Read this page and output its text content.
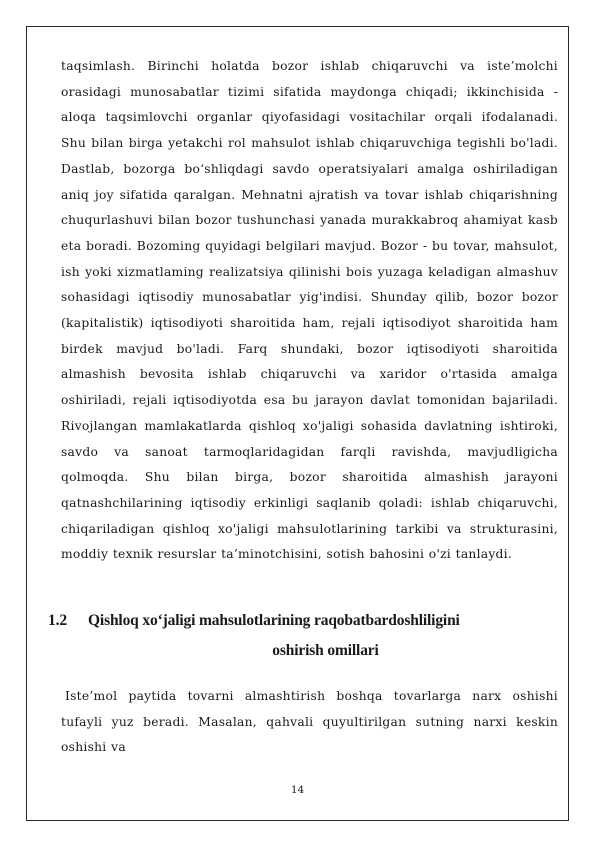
taqsimlash. Birinchi holatda bozor ishlab chiqaruvchi va iste’molchi orasidagi munosabatlar tizimi sifatida maydonga chiqadi; ikkinchisida - aloqa taqsimlovchi organlar qiyofasidagi vositachilar orqali ifodalanadi. Shu bilan birga yetakchi rol mahsulot ishlab chiqaruvchiga tegishli bo'ladi. Dastlab, bozorga bo‘shliqdagi savdo operatsiyalari amalga oshiriladigan aniq joy sifatida qaralgan. Mehnatni ajratish va tovar ishlab chiqarishning chuqurlashuvi bilan bozor tushunchasi yanada murakkabroq ahamiyat kasb eta boradi. Bozoming quyidagi belgilari mavjud. Bozor - bu tovar, mahsulot, ish yoki xizmatlaming realizatsiya qilinishi bois yuzaga keladigan almashuv sohasidagi iqtisodiy munosabatlar yig'indisi. Shunday qilib, bozor bozor (kapitalistik) iqtisodiyoti sharoitida ham, rejali iqtisodiyot sharoitida ham birdek mavjud bo'ladi. Farq shundaki, bozor iqtisodiyoti sharoitida almashish bevosita ishlab chiqaruvchi va xaridor o'rtasida amalga oshiriladi, rejali iqtisodiyotda esa bu jarayon davlat tomonidan bajariladi. Rivojlangan mamlakatlarda qishloq xo'jaligi sohasida davlatning ishtiroki, savdo va sanoat tarmoqlaridagidan farqli ravishda, mavjudligicha qolmoqda. Shu bilan birga, bozor sharoitida almashish jarayoni qatnashchilarining iqtisodiy erkinligi saqlanib qoladi: ishlab chiqaruvchi, chiqariladigan qishloq xo'jaligi mahsulotlarining tarkibi va strukturasini, moddiy texnik resurslar ta’minotchisini, sotish bahosini o'zi tanlaydi.

1.2 Qishloq xo‘jaligi mahsulotlarining raqobatbardoshliligini
oshirish omillari

Iste’mol paytida tovarni almashtirish boshqa tovarlarga narx oshishi tufayli yuz beradi. Masalan, qahvali quyultirilgan sutning narxi keskin oshishi va

14
